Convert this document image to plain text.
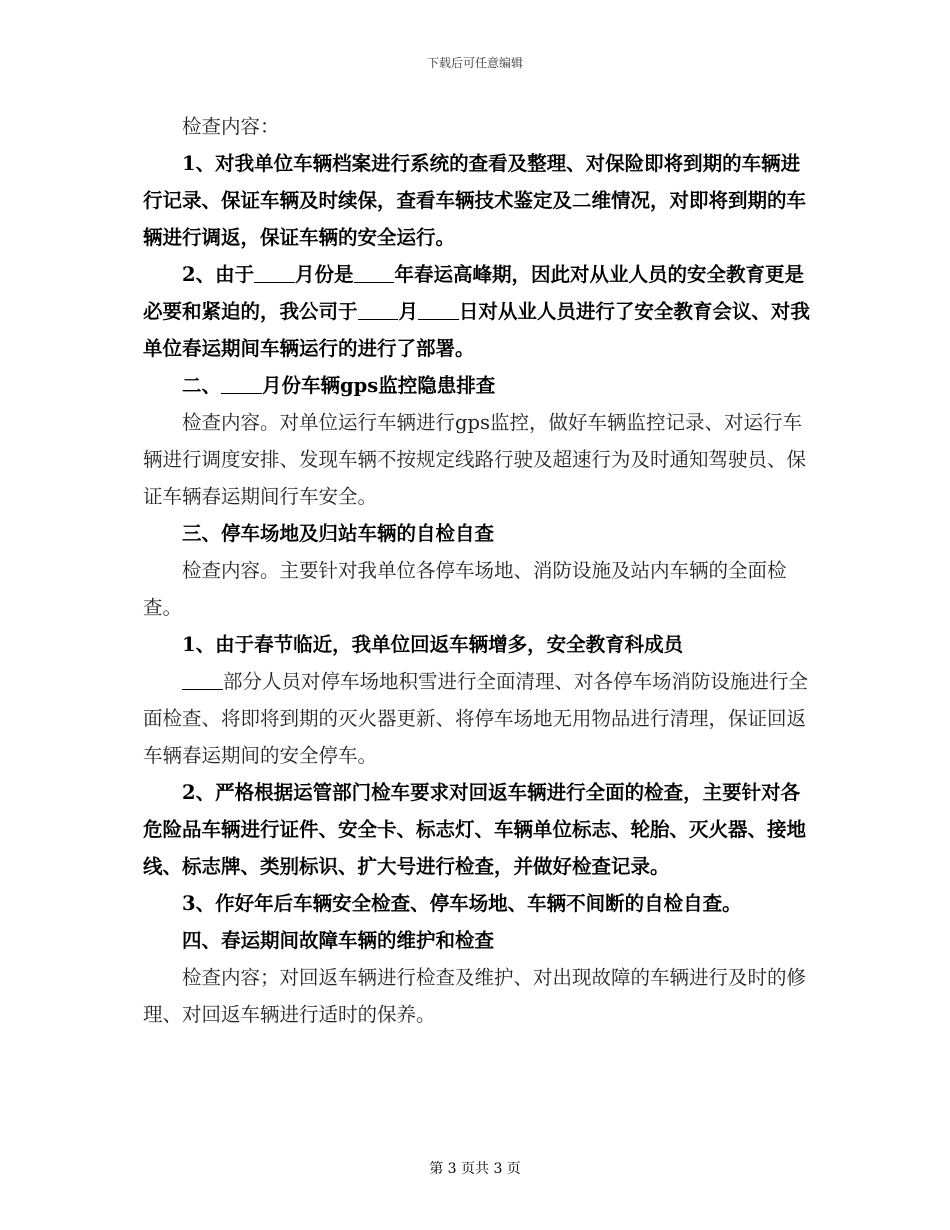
下载后可任意编辑

检查内容：

1、对我单位车辆档案进行系统的查看及整理、对保险即将到期的车辆进行记录、保证车辆及时续保，查看车辆技术鉴定及二维情况，对即将到期的车辆进行调返，保证车辆的安全运行。

2、由于 月份是 年春运高峰期，因此对从业人员的安全教育更是必要和紧迫的，我公司于 月 日对从业人员进行了安全教育会议、对我单位春运期间车辆运行的进行了部署。

二、 月份车辆gps监控隐患排查

检查内容。对单位运行车辆进行gps监控，做好车辆监控记录、对运行车辆进行调度安排、发现车辆不按规定线路行驶及超速行为及时通知驾驶员、保证车辆春运期间行车安全。

三、停车场地及归站车辆的自检自查

检查内容。主要针对我单位各停车场地、消防设施及站内车辆的全面检查。

1、由于春节临近，我单位回返车辆增多，安全教育科成员

部分人员对停车场地积雪进行全面清理、对各停车场消防设施进行全面检查、将即将到期的灭火器更新、将停车场地无用物品进行清理，保证回返车辆春运期间的安全停车。

2、严格根据运管部门检车要求对回返车辆进行全面的检查，主要针对各危险品车辆进行证件、安全卡、标志灯、车辆单位标志、轮胎、灭火器、接地线、标志牌、类别标识、扩大号进行检查，并做好检查记录。

3、作好年后车辆安全检查、停车场地、车辆不间断的自检自查。

四、春运期间故障车辆的维护和检查

检查内容；对回返车辆进行检查及维护、对出现故障的车辆进行及时的修理、对回返车辆进行适时的保养。

第 3 页共 3 页
